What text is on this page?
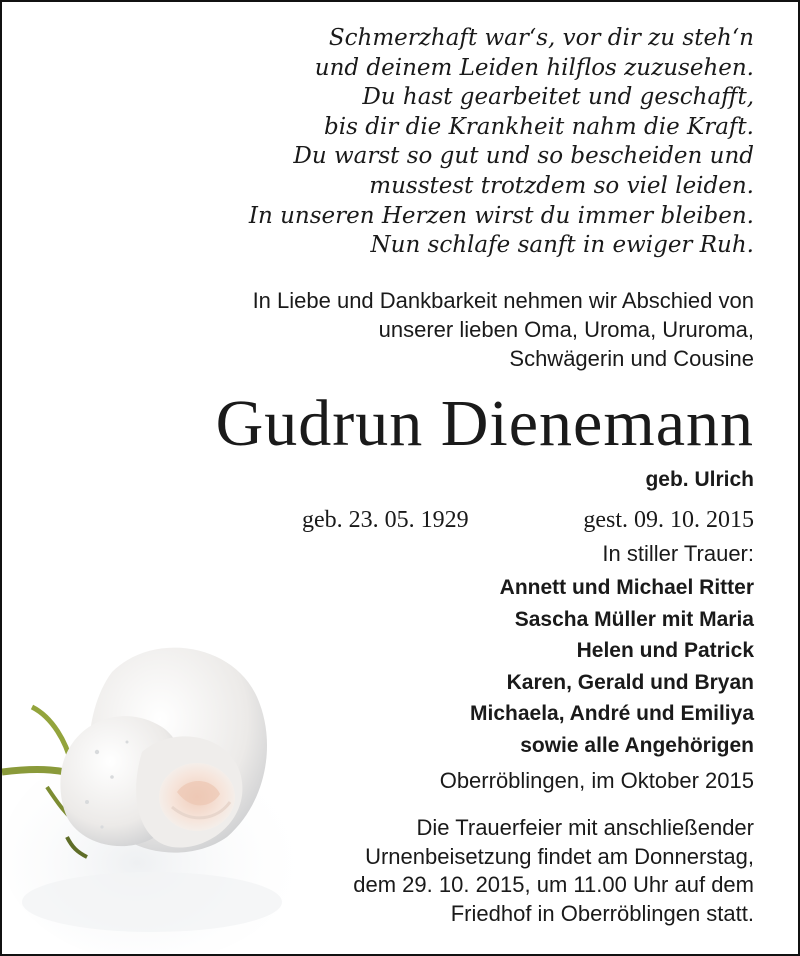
Schmerzhaft war‘s, vor dir zu steh‘n
und deinem Leiden hilflos zuzusehen.
Du hast gearbeitet und geschafft,
bis dir die Krankheit nahm die Kraft.
Du warst so gut und so bescheiden und
musstest trotzdem so viel leiden.
In unseren Herzen wirst du immer bleiben.
Nun schlafe sanft in ewiger Ruh.
In Liebe und Dankbarkeit nehmen wir Abschied von
unserer lieben Oma, Uroma, Ururoma,
Schwägerin und Cousine
Gudrun Dienemann
geb. Ulrich
geb. 23. 05. 1929	gest. 09. 10. 2015
In stiller Trauer:
Annett und Michael Ritter
Sascha Müller mit Maria
Helen und Patrick
Karen, Gerald und Bryan
Michaela, André und Emiliya
sowie alle Angehörigen
Oberröblingen, im Oktober 2015
Die Trauerfeier mit anschließender
Urnenbeisetzung findet am Donnerstag,
dem 29. 10. 2015, um 11.00 Uhr auf dem
Friedhof in Oberröblingen statt.
